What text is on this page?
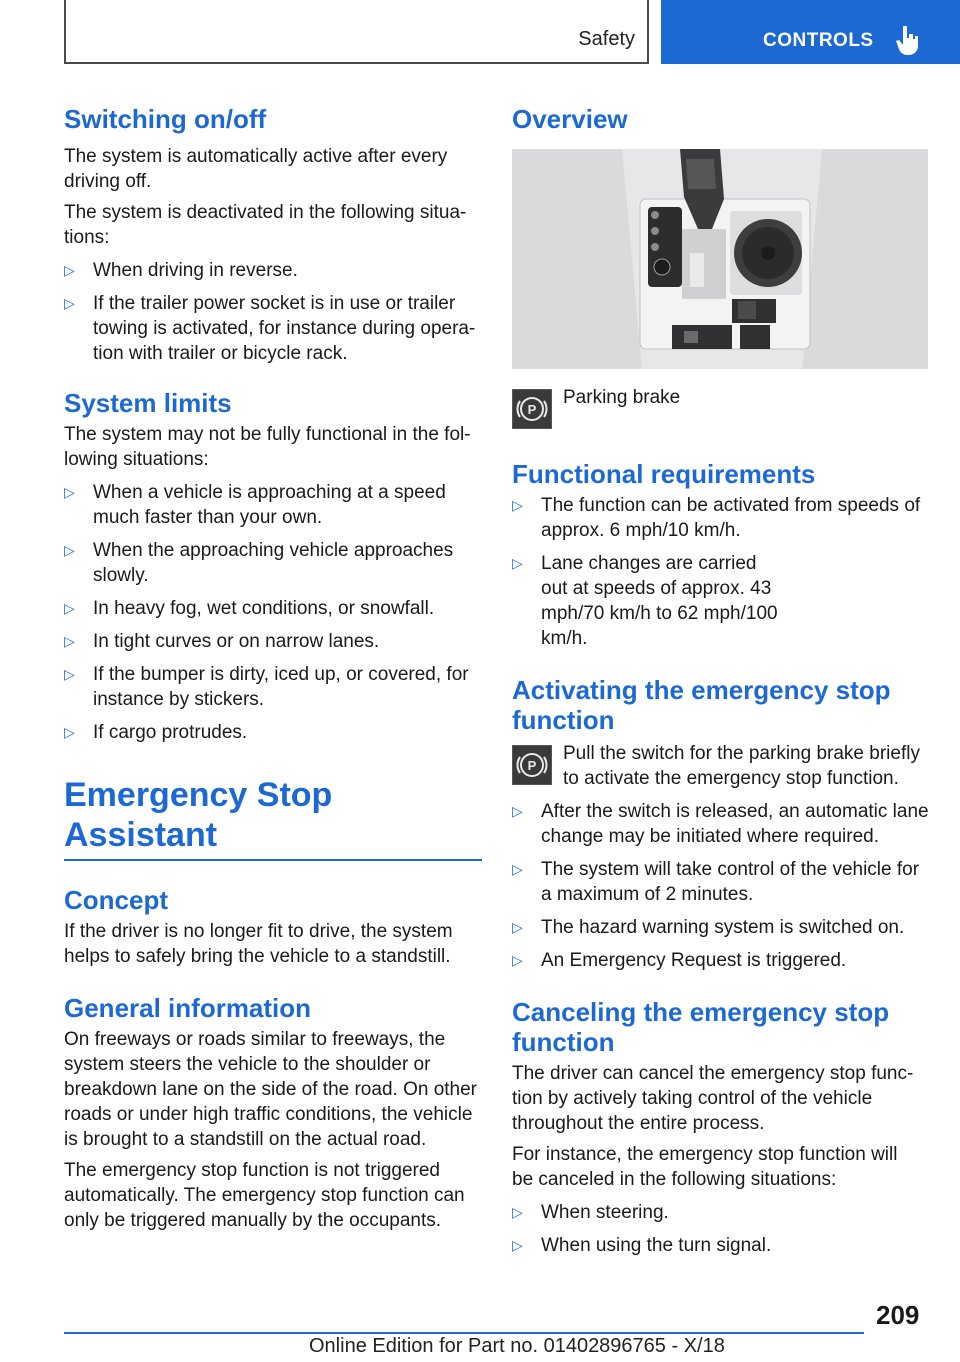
Safety	CONTROLS
Switching on/off

The system is automatically active after every driving off.

The system is deactivated in the following situations:

▷ When driving in reverse.
▷ If the trailer power socket is in use or trailer towing is activated, for instance during operation with trailer or bicycle rack.
System limits

The system may not be fully functional in the following situations:

▷ When a vehicle is approaching at a speed much faster than your own.
▷ When the approaching vehicle approaches slowly.
▷ In heavy fog, wet conditions, or snowfall.
▷ In tight curves or on narrow lanes.
▷ If the bumper is dirty, iced up, or covered, for instance by stickers.
▷ If cargo protrudes.
Emergency Stop Assistant
Concept

If the driver is no longer fit to drive, the system helps to safely bring the vehicle to a standstill.

General information

On freeways or roads similar to freeways, the system steers the vehicle to the shoulder or breakdown lane on the side of the road. On other roads or under high traffic conditions, the vehicle is brought to a standstill on the actual road.

The emergency stop function is not triggered automatically. The emergency stop function can only be triggered manually by the occupants.

Overview
P

Parking brake

Functional requirements
▷ The function can be activated from speeds of approx. 6 mph/10 km/h.
▷ Lane changes are carried out at speeds of approx. 43 mph/70 km/h to 62 mph/100 km/h.
Activating the emergency stop function
P

Pull the switch for the parking brake briefly to activate the emergency stop function.

▷ After the switch is released, an automatic lane change may be initiated where required.
▷ The system will take control of the vehicle for a maximum of 2 minutes.
▷ The hazard warning system is switched on.
▷ An Emergency Request is triggered.
Canceling the emergency stop function

The driver can cancel the emergency stop function by actively taking control of the vehicle throughout the entire process.

For instance, the emergency stop function will be canceled in the following situations:

▷ When steering.
▷ When using the turn signal.
209
Online Edition for Part no. 01402896765 - X/18
